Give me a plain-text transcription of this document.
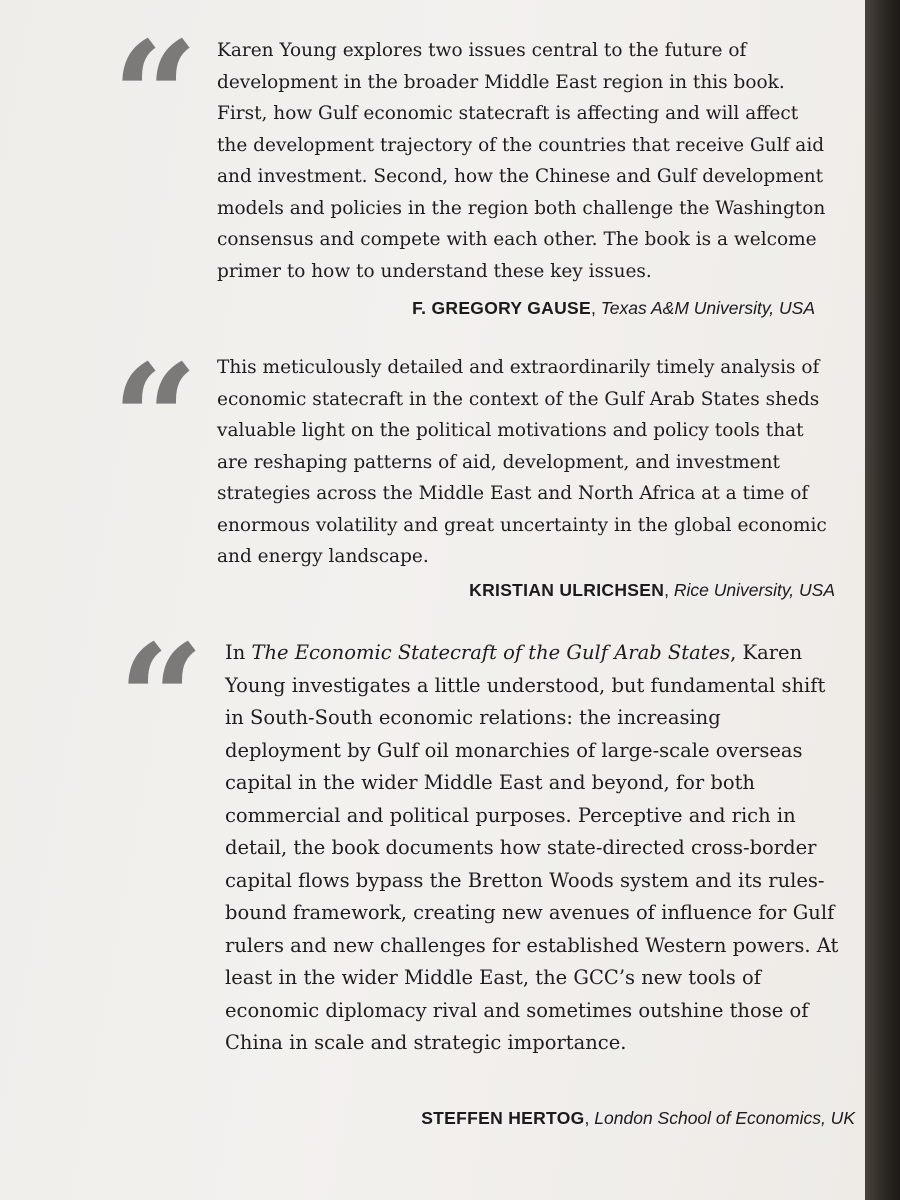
“ Karen Young explores two issues central to the future of development in the broader Middle East region in this book. First, how Gulf economic statecraft is affecting and will affect the development trajectory of the countries that receive Gulf aid and investment. Second, how the Chinese and Gulf development models and policies in the region both challenge the Washington consensus and compete with each other. The book is a welcome primer to how to understand these key issues.
F. GREGORY GAUSE, Texas A&M University, USA
“ This meticulously detailed and extraordinarily timely analysis of economic statecraft in the context of the Gulf Arab States sheds valuable light on the political motivations and policy tools that are reshaping patterns of aid, development, and investment strategies across the Middle East and North Africa at a time of enormous volatility and great uncertainty in the global economic and energy landscape.
KRISTIAN ULRICHSEN, Rice University, USA
“ In The Economic Statecraft of the Gulf Arab States, Karen Young investigates a little understood, but fundamental shift in South-South economic relations: the increasing deployment by Gulf oil monarchies of large-scale overseas capital in the wider Middle East and beyond, for both commercial and political purposes. Perceptive and rich in detail, the book documents how state-directed cross-border capital flows bypass the Bretton Woods system and its rules-bound framework, creating new avenues of influence for Gulf rulers and new challenges for established Western powers. At least in the wider Middle East, the GCC’s new tools of economic diplomacy rival and sometimes outshine those of China in scale and strategic importance.
STEFFEN HERTOG, London School of Economics, UK
